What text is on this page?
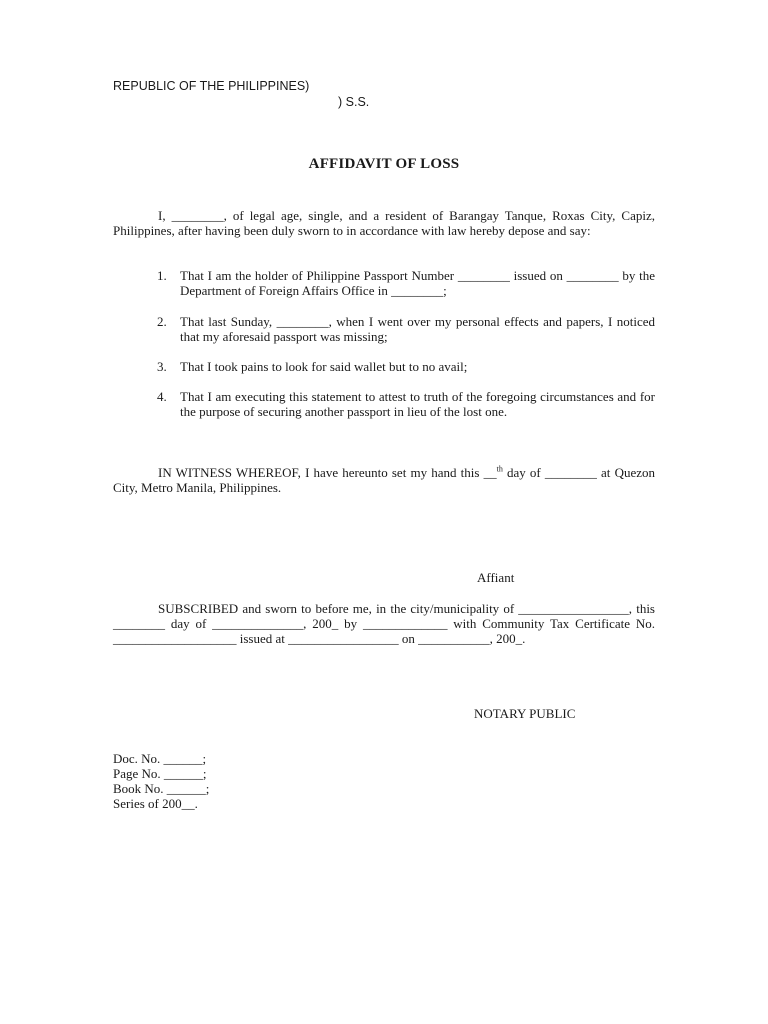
REPUBLIC OF THE PHILIPPINES)
) S.S.
AFFIDAVIT OF LOSS

I, ________, of legal age, single, and a resident of Barangay Tanque, Roxas City, Capiz, Philippines, after having been duly sworn to in accordance with law hereby depose and say:

1. That I am the holder of Philippine Passport Number ________ issued on ________ by the Department of Foreign Affairs Office in ________;
2. That last Sunday, ________, when I went over my personal effects and papers, I noticed that my aforesaid passport was missing;
3. That I took pains to look for said wallet but to no avail;
4. That I am executing this statement to attest to truth of the foregoing circumstances and for the purpose of securing another passport in lieu of the lost one.

IN WITNESS WHEREOF, I have hereunto set my hand this __$^{th}$ day of ________ at Quezon City, Metro Manila, Philippines.

Affiant

SUBSCRIBED and sworn to before me, in the city/municipality of _________________, this ________ day of ______________, 200_ by _____________ with Community Tax Certificate No. ___________________ issued at _________________ on ___________, 200_.

NOTARY PUBLIC
Doc. No. ______;
Page No. ______;
Book No. ______;
Series of 200__.
